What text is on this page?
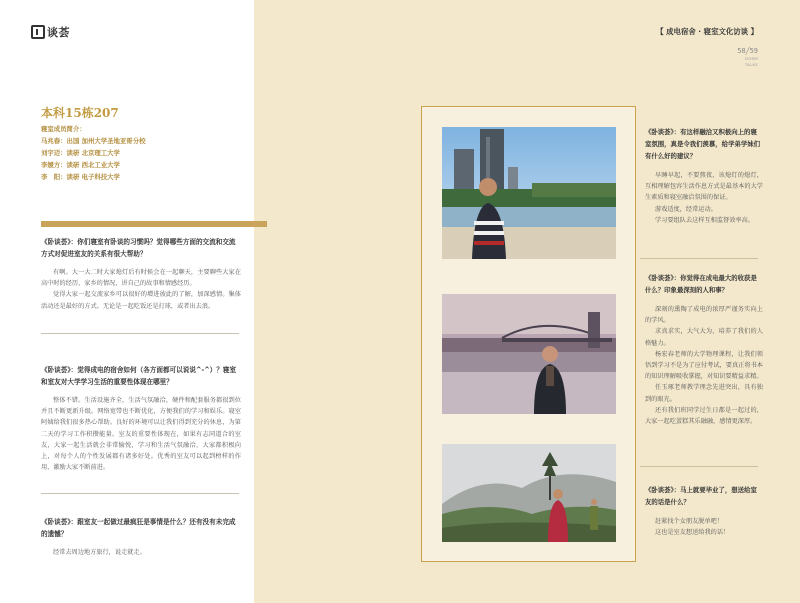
谈荟
本科15栋207
寝室成员简介：
马兆春：出国 加州大学圣地亚哥分校
刘宇迈：读研 北京理工大学
李媛方：读研 西北工业大学
李　阳：读研 电子科技大学
《卧谈荟》：你们寝室有卧谈的习惯吗？觉得哪些方面的交流和交流方式对促进室友的关系有很大帮助？

有啊。大一大二时大家熄灯后有时候会在一起聊天，主要聊些大家在高中时的经历，家乡的情况，讲自己的故事和情感经历。

觉得大家一起交流家乡可以很好的增进彼此的了解，加深感情。集体活动还是最好的方式。无论是一起吃饭还是打球，或者出去浪。

《卧谈荟》：觉得成电的宿舍如何（各方面都可以说说^-^）？寝室和室友对大学学习生活的重要性体现在哪里？

整体不错。生活设施齐全，生活气氛融洽，硬件和配套服务都很到位并且不断更新升级。网络宽带也不断优化，方便我们的学习和娱乐。寝室阿姨给我们很多热心帮助。良好的环境可以让我们得到充分的休息，为第二天的学习工作积攒能量。室友的重要性体现在，如果有志同道合的室友，大家一起生活就会非常愉悦，学习和生活气氛融洽，大家都积极向上，对每个人的个性发展都有诸多好处。优秀的室友可以起到榜样的作用，激励大家不断前进。

《卧谈荟》：跟室友一起做过最疯狂是事情是什么？还有没有未完成的遗憾？

经常去周边地方旅行，说走就走。

【 成电宿舍 · 寝室文化访谈 】
58╱59
DORM
TALKS
《卧谈荟》：有这样融洽又积极向上的寝室氛围，真是令我们羡慕，给学弟学妹们有什么好的建议？

早睡早起，不要熬夜，该熄灯的熄灯，互相理解包容生活作息方式是最基本的大学生素质和寝室融洽氛围的保证。

游戏适度，经常运动。

学习要组队去这样互相监督效率高。

《卧谈荟》：你觉得在成电最大的收获是什么？印象最深刻的人和事？

深刻的熏陶了成电的浓厚严谨务实向上的学风。

求真求实，大气大为，培养了我们的人格魅力。

杨宏春老师的大学物理课程，让我们领悟到学习不是为了应付考试，要真正将书本的知识理解吸收掌握，对知识要精益求精。

任玉琢老师教学理念先进突出，具有独到的眼光。

还有我们班同学过生日都是一起过的，大家一起吃蛋糕其乐融融，感情更深厚。

《卧谈荟》：马上就要毕业了，想送给室友的话是什么？

赶紧找个女朋友脱单吧！

这也是室友想送给我的话！
